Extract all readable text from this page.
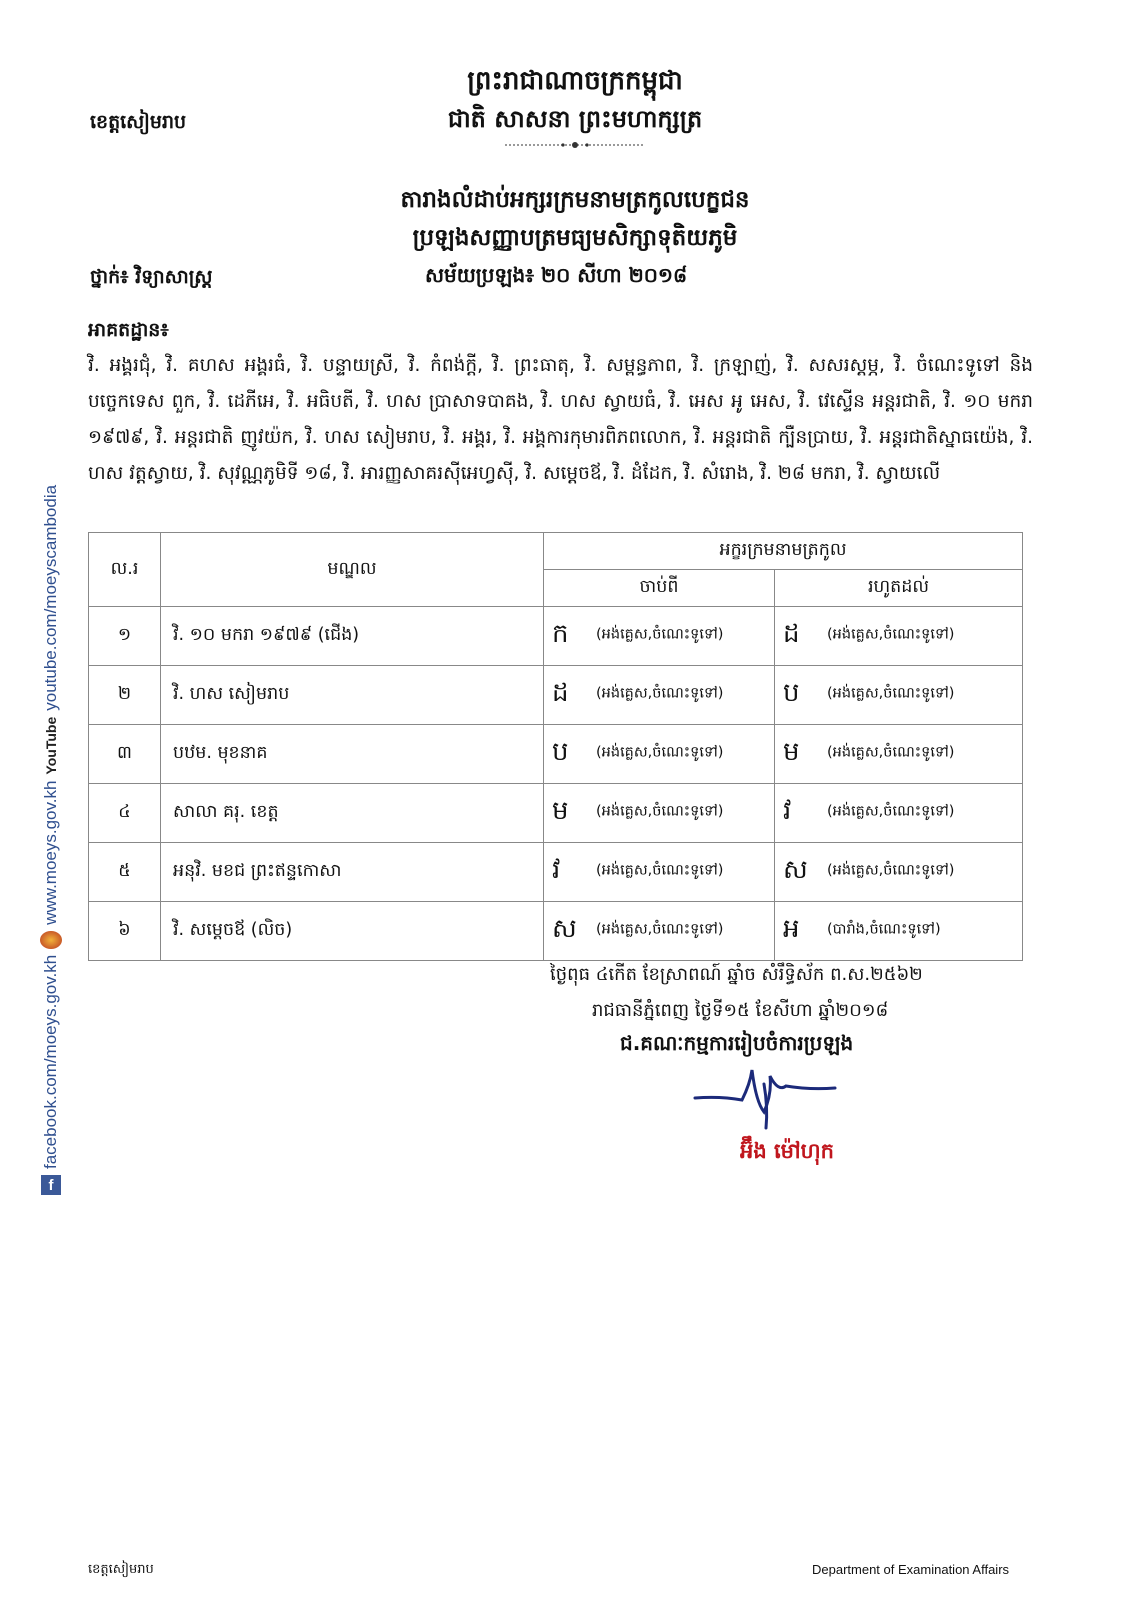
f
facebook.com/moeys.gov.kh
www.moeys.gov.kh
YouTube
youtube.com/moeyscambodia
ព្រះរាជាណាចក្រកម្ពុជា
ជាតិ សាសនា ព្រះមហាក្សត្រ
ខេត្តសៀមរាប
តារាងលំដាប់អក្សរក្រមនាមត្រកូលបេក្ខជន
ប្រឡងសញ្ញាបត្រមធ្យមសិក្សាទុតិយភូមិ
ថ្នាក់៖ វិទ្យាសាស្ត្រ	សម័យប្រឡង៖ ២០ សីហា ២០១៨
អាគតដ្ឋាន៖
វិ. អង្គរជុំ, វិ. គហស អង្គរធំ, វិ. បន្ទាយស្រី, វិ. កំពង់ក្ដី, វិ. ព្រះធាតុ, វិ. សម្ពន្ធភាព, វិ. ក្រឡាញ់, វិ. សសរស្ដម្ភ, វិ. ចំណេះទូទៅ និងបច្ចេកទេស ពួក, វិ. ដេភីអេ, វិ. អធិបតី, វិ. ហស ប្រាសាទបាគង, វិ. ហស ស្វាយធំ, វិ. អេស អូ អេស, វិ. វេស្ទើន អន្តរជាតិ, វិ. ១០ មករា ១៩៧៩, វិ. អន្តរជាតិ ញូវយ៉ក, វិ. ហស សៀមរាប, វិ. អង្គរ, វិ. អង្គការកុមារពិភពលោក, វិ. អន្តរជាតិ ក្បឺនប្រាយ, វិ. អន្តរជាតិស្នាធយ៉េង, វិ. ហស វត្តស្វាយ, វិ. សុវណ្ណភូមិទី ១៨, វិ. អារញ្ញសាគរស៊ីអេហ្វស៊ី, វិ. សម្ដេចឪ, វិ. ដំដែក, វិ. សំរោង, វិ. ២៨ មករា, វិ. ស្វាយលើ
ល.រ	មណ្ឌល	អក្ខរក្រមនាមត្រកូល	
		ចាប់ពី	រហូតដល់
១	វិ. ១០ មករា ១៩៧៩ (ជើង)	ក (អង់គ្លេស,ចំណេះទូទៅ)	ដ (អង់គ្លេស,ចំណេះទូទៅ)

២	វិ. ហស សៀមរាប	ដ (អង់គ្លេស,ចំណេះទូទៅ)	ប (អង់គ្លេស,ចំណេះទូទៅ)

៣	បឋម. មុខនាគ	ប (អង់គ្លេស,ចំណេះទូទៅ)	ម (អង់គ្លេស,ចំណេះទូទៅ)

៤	សាលា គរុ. ខេត្ត	ម (អង់គ្លេស,ចំណេះទូទៅ)	វ (អង់គ្លេស,ចំណេះទូទៅ)

៥	អនុវិ. មខជ ព្រះឥន្ទកោសា	វ (អង់គ្លេស,ចំណេះទូទៅ)	ស (អង់គ្លេស,ចំណេះទូទៅ)

៦	វិ. សម្ដេចឪ (លិច)	ស (អង់គ្លេស,ចំណេះទូទៅ)	អ (បារាំង,ចំណេះទូទៅ)
ថ្ងៃពុធ ៤កើត ខែស្រាពណ៍ ឆ្នាំច សំរឹទ្ធិស័ក ព.ស.២៥៦២
រាជធានីភ្នំពេញ ថ្ងៃទី១៥ ខែសីហា ឆ្នាំ២០១៨
ជ.គណៈកម្មការរៀបចំការប្រឡង
អ៊ឹង ម៉ៅហុក
ខេត្តសៀមរាប	Department of Examination Affairs
